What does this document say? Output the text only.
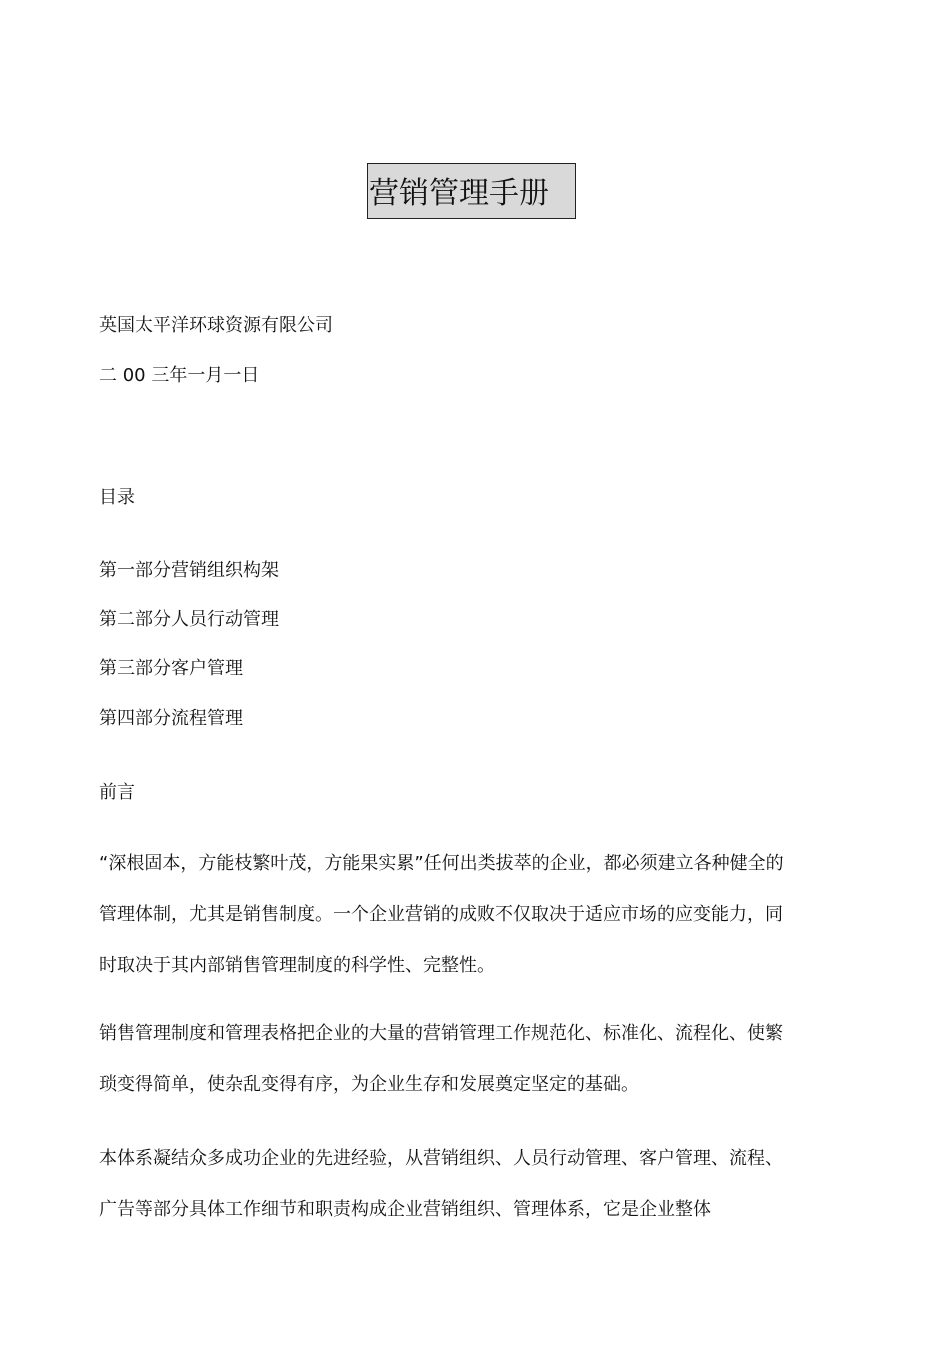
营销管理手册
英国太平洋环球资源有限公司
二 00 三年一月一日
目录
第一部分营销组织构架
第二部分人员行动管理
第三部分客户管理
第四部分流程管理
前言
“深根固本，方能枝繁叶茂，方能果实累”任何出类拔萃的企业，都必须建立各种健全的管理体制，尤其是销售制度。一个企业营销的成败不仅取决于适应市场的应变能力，同时取决于其内部销售管理制度的科学性、完整性。
销售管理制度和管理表格把企业的大量的营销管理工作规范化、标准化、流程化、使繁琐变得简单，使杂乱变得有序，为企业生存和发展奠定坚定的基础。
本体系凝结众多成功企业的先进经验，从营销组织、人员行动管理、客户管理、流程、广告等部分具体工作细节和职责构成企业营销组织、管理体系，它是企业整体
